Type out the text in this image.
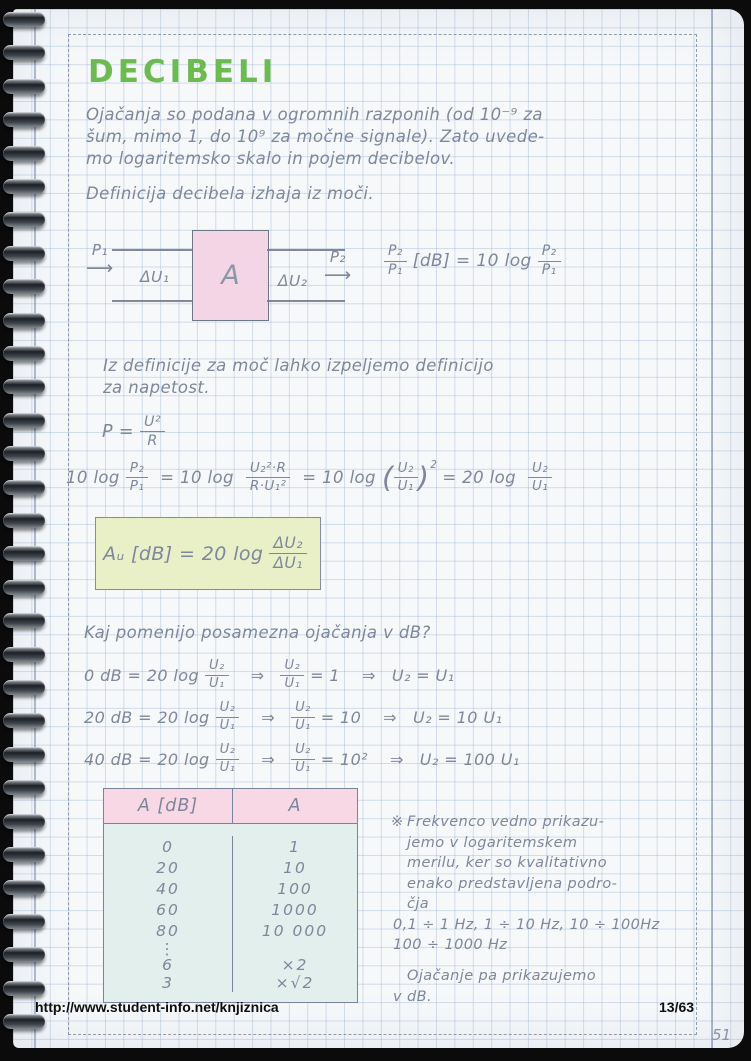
DECIBELI
Ojačanja so podana v ogromnih razponih (od 10⁻⁹ za
šum, mimo 1, do 10⁹ za močne signale). Zato uvede-
mo logaritemsko skalo in pojem decibelov.
Definicija decibela izhaja iz moči.
A
P₁
⟶ ΔU₁	ΔU₂
P₂
⟶ $\frac{\text{P₂}}{\text{P₁}} [dB] = 10$ $\log \frac{\text{P₂}}{\text{P₁}}$
Iz definicije za moč lahko izpeljemo definicijo
za napetost.
$P = \frac{\text{U²}}{R}$
10 $\log \frac{\text{P₂}}{\text{P₁}} = 10$ $\log \frac{\text{U₂²·R}}{\text{R·U₁²}} = 10$ log ( $\frac{\text{U₂}}{\text{U₁}}$ ) 2
= 20 $\log \frac{\text{U₂}}{\text{U₁}}$
Aᵤ [dB] = 20 $\log \frac{\text{ΔU₂}}{\text{ΔU₁}}$
Kaj pomenijo posamezna ojačanja v dB?
0 dB = 20 $\log \frac{\text{U₂}}{\text{U₁}}$ ⇒ $\frac{\text{U₂}}{\text{U₁}} = 1$ ⇒ U₂ = U₁
20 dB = 20 $\log \frac{\text{U₂}}{\text{U₁}}$ ⇒ $\frac{\text{U₂}}{\text{U₁}} = 10$ ⇒ U₂ = 10 U₁
40 dB = 20 $\log \frac{\text{U₂}}{\text{U₁}}$ ⇒ $\frac{\text{U₂}}{\text{U₁}} = 10^2$ ⇒ U₂ = 100 U₁
A [dB]	A
0	1
20	10
40	100
60	1000
80	10 000
⋮
6	×2
3	×√2
※ Frekvenco vedno prikazu-
jemo v logaritemskem
merilu, ker so kvalitativno
enako predstavljena podro-
čja
0,1 ÷ 1 Hz, 1 ÷ 10 Hz, 10 ÷ 100Hz
100 ÷ 1000 Hz
Ojačanje pa prikazujemo
v dB.
http://www.student-info.net/knjiznica	13/63
51
